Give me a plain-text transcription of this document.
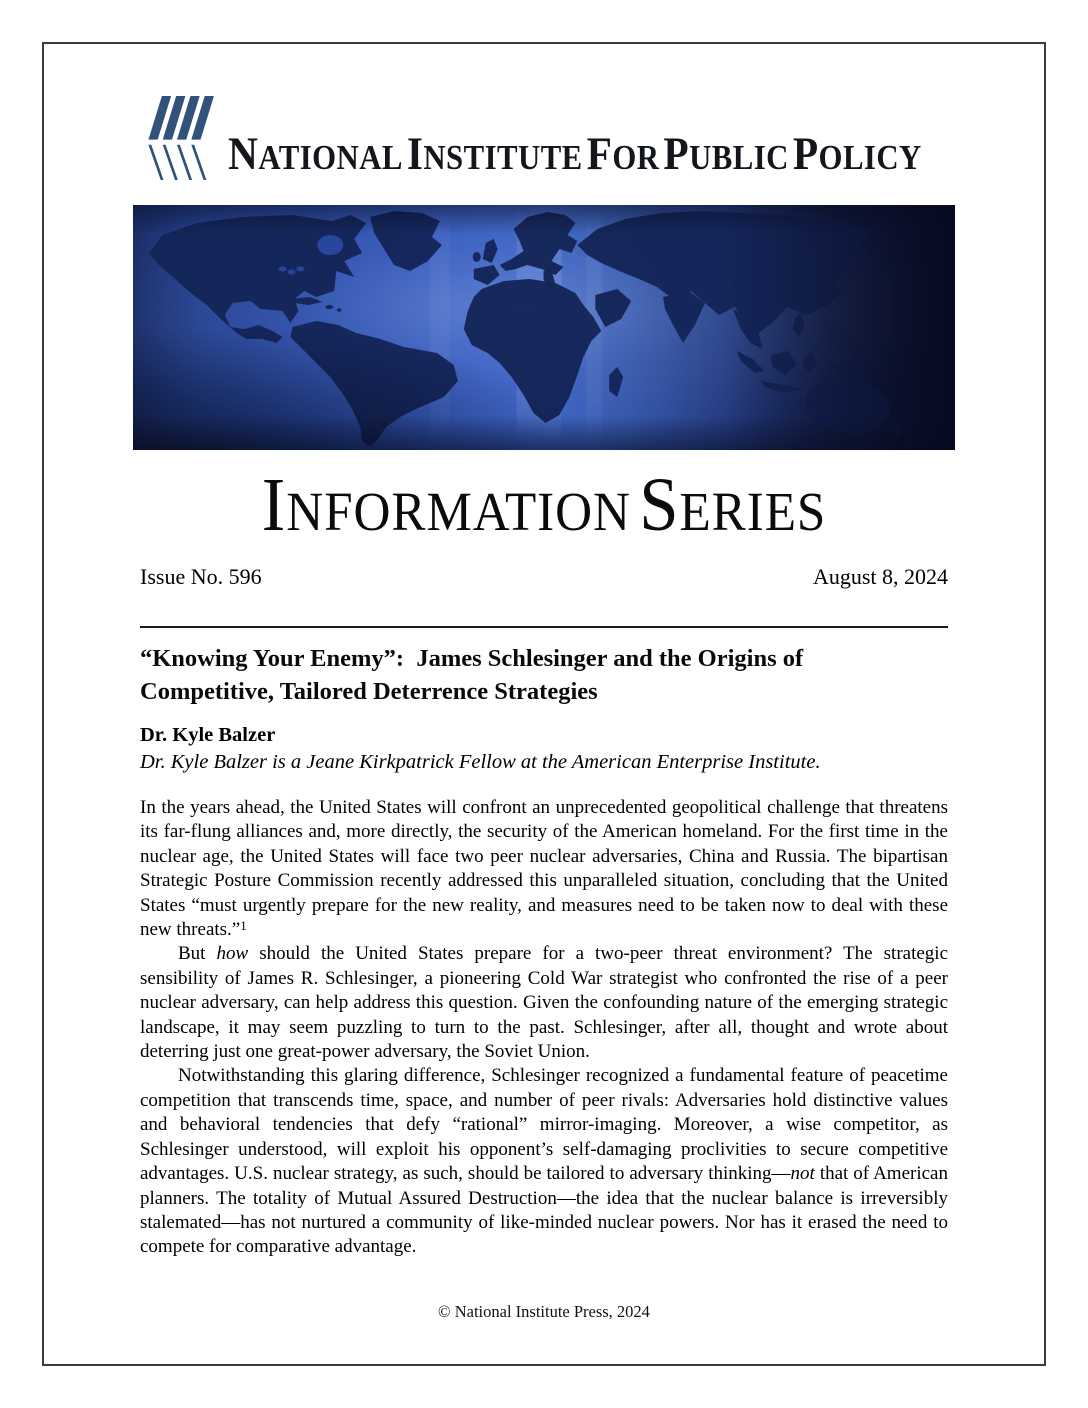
NATIONAL INSTITUTE FOR PUBLIC POLICY
INFORMATION SERIES
Issue No. 596	August 8, 2024
“Knowing Your Enemy”:  James Schlesinger and the Origins of
Competitive, Tailored Deterrence Strategies
Dr. Kyle Balzer
Dr. Kyle Balzer is a Jeane Kirkpatrick Fellow at the American Enterprise Institute.

In the years ahead, the United States will confront an unprecedented geopolitical challenge that threatens its far-flung alliances and, more directly, the security of the American homeland. For the first time in the nuclear age, the United States will face two peer nuclear adversaries, China and Russia. The bipartisan Strategic Posture Commission recently addressed this unparalleled situation, concluding that the United States “must urgently prepare for the new reality, and measures need to be taken now to deal with these new threats.”$^1$

But how should the United States prepare for a two-peer threat environment? The strategic sensibility of James R. Schlesinger, a pioneering Cold War strategist who confronted the rise of a peer nuclear adversary, can help address this question. Given the confounding nature of the emerging strategic landscape, it may seem puzzling to turn to the past. Schlesinger, after all, thought and wrote about deterring just one great-power adversary, the Soviet Union.

Notwithstanding this glaring difference, Schlesinger recognized a fundamental feature of peacetime competition that transcends time, space, and number of peer rivals: Adversaries hold distinctive values and behavioral tendencies that defy “rational” mirror-imaging. Moreover, a wise competitor, as Schlesinger understood, will exploit his opponent’s self-damaging proclivities to secure competitive advantages. U.S. nuclear strategy, as such, should be tailored to adversary thinking—not that of American planners. The totality of Mutual Assured Destruction—the idea that the nuclear balance is irreversibly stalemated—has not nurtured a community of like-minded nuclear powers. Nor has it erased the need to compete for comparative advantage.

© National Institute Press, 2024
